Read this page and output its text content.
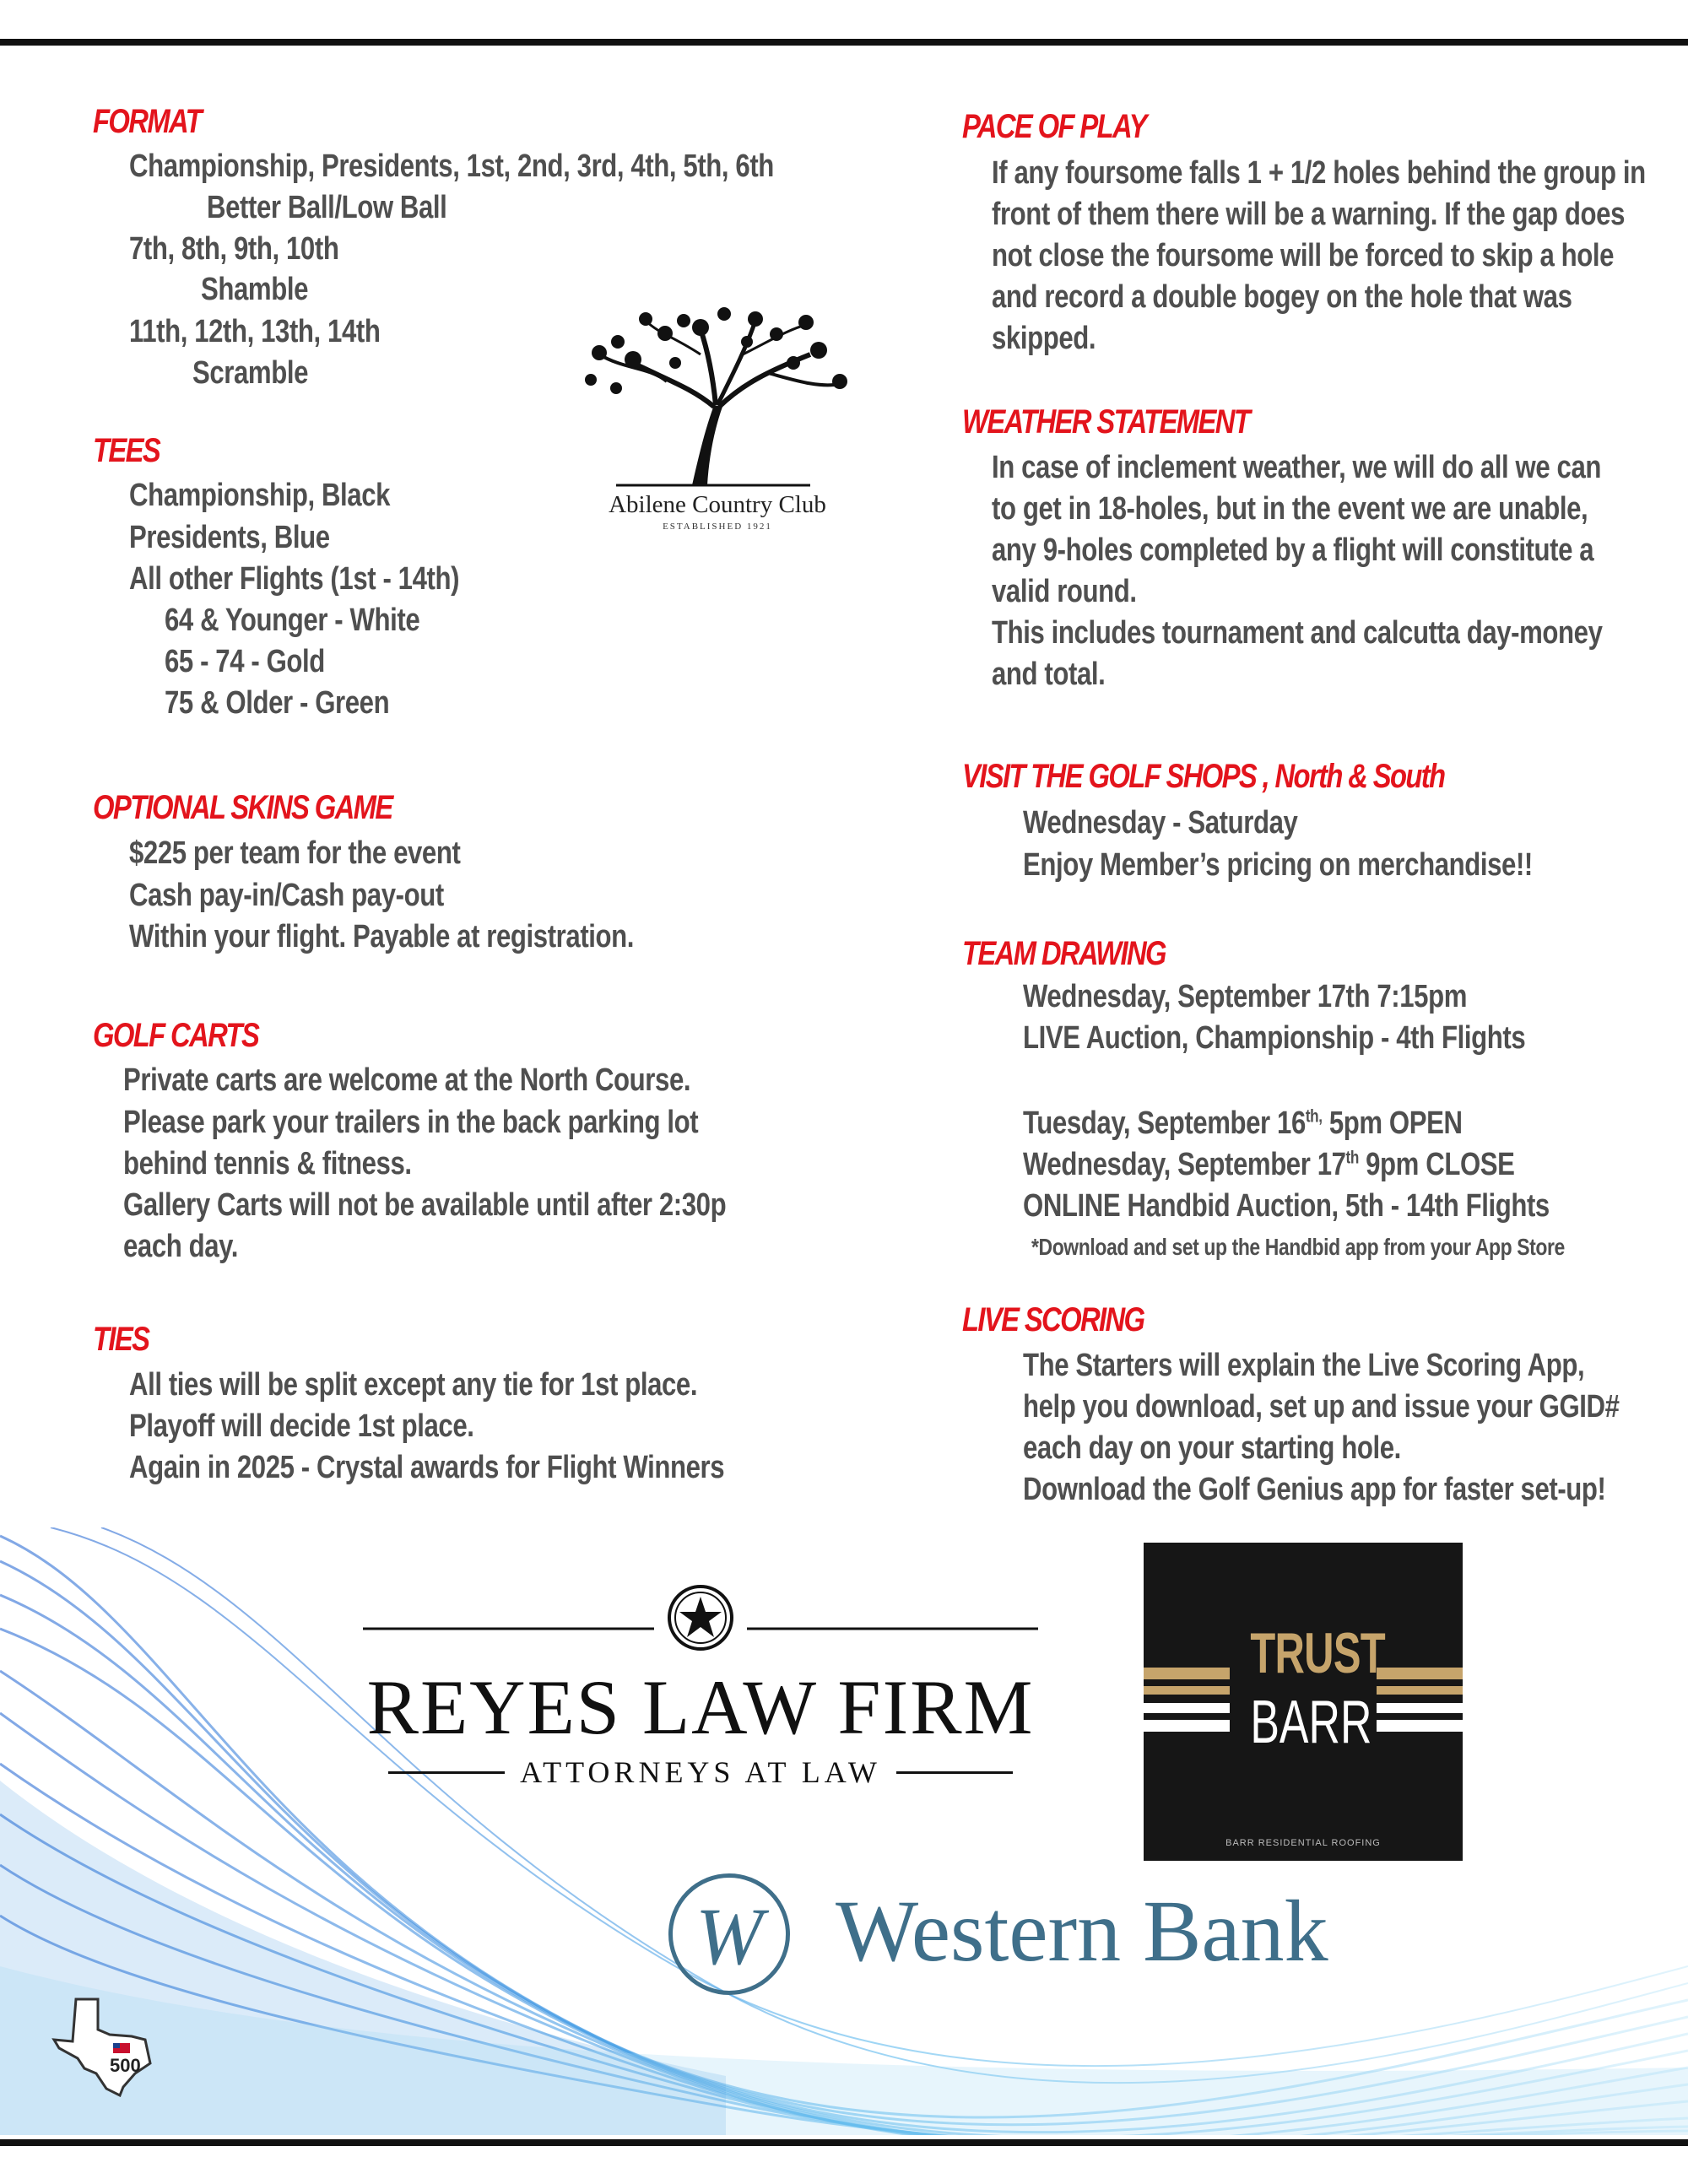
FORMAT

Championship, Presidents, 1st, 2nd, 3rd, 4th, 5th, 6th

Better Ball/Low Ball

7th, 8th, 9th, 10th

Shamble

11th, 12th, 13th, 14th

Scramble

TEES

Championship, Black

Presidents, Blue

All other Flights (1st - 14th)

64 & Younger - White

65 - 74 - Gold

75 & Older - Green

OPTIONAL SKINS GAME

$225 per team for the event

Cash pay-in/Cash pay-out

Within your flight. Payable at registration.

GOLF CARTS

Private carts are welcome at the North Course.

Please park your trailers in the back parking lot

behind tennis & fitness.

Gallery Carts will not be available until after 2:30p

each day.

TIES

All ties will be split except any tie for 1st place.

Playoff will decide 1st place.

Again in 2025 - Crystal awards for Flight Winners

Abilene Country Club
ESTABLISHED 1921
PACE OF PLAY

If any foursome falls 1 + 1/2 holes behind the group in

front of them there will be a warning. If the gap does

not close the foursome will be forced to skip a hole

and record a double bogey on the hole that was

skipped.

WEATHER STATEMENT

In case of inclement weather, we will do all we can

to get in 18-holes, but in the event we are unable,

any 9-holes completed by a flight will constitute a

valid round.

This includes tournament and calcutta day-money

and total.

VISIT THE GOLF SHOPS , North & South

Wednesday - Saturday

Enjoy Member’s pricing on merchandise!!

TEAM DRAWING

Wednesday, September 17th 7:15pm

LIVE Auction, Championship - 4th Flights

Tuesday, September $16^{th,}$ 5pm OPEN

Wednesday, September 17th 9pm CLOSE

ONLINE Handbid Auction, 5th - 14th Flights

*Download and set up the Handbid app from your App Store

LIVE SCORING

The Starters will explain the Live Scoring App,

help you download, set up and issue your GGID#

each day on your starting hole.

Download the Golf Genius app for faster set-up!

REYES LAW FIRM
ATTORNEYS AT LAW
TRUST
BARR
BARR RESIDENTIAL ROOFING
W Western Bank
500
